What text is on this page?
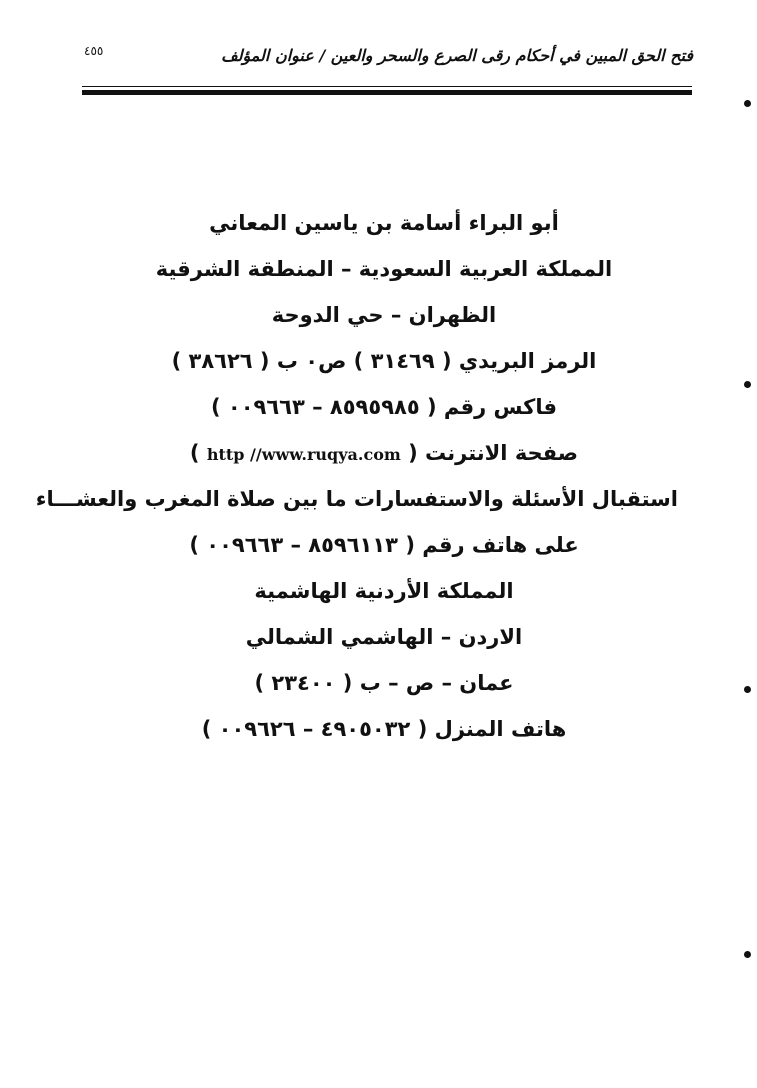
٤٥٥	فتح الحق المبين في أحكام رقى الصرع والسحر والعين / عنوان المؤلف
أبو البراء أسامة بن ياسين المعاني
المملكة العربية السعودية – المنطقة الشرقية
الظهران – حي الدوحة
الرمز البريدي ( ٣١٤٦٩ ) ص٠ ب ( ٣٨٦٢٦ )
فاكس رقم ( ٨٥٩٥٩٨٥ – ٠٠٩٦٦٣ )
صفحة الانترنت ( http //www.ruqya.com )
استقبال الأسئلة والاستفسارات ما بين صلاة المغرب والعشـــاء
على هاتف رقم ( ٨٥٩٦١١٣ – ٠٠٩٦٦٣ )
المملكة الأردنية الهاشمية
الاردن – الهاشمي الشمالي
عمان – ص – ب ( ٢٣٤٠٠ )
هاتف المنزل ( ٤٩٠٥٠٣٢ – ٠٠٩٦٢٦ )
